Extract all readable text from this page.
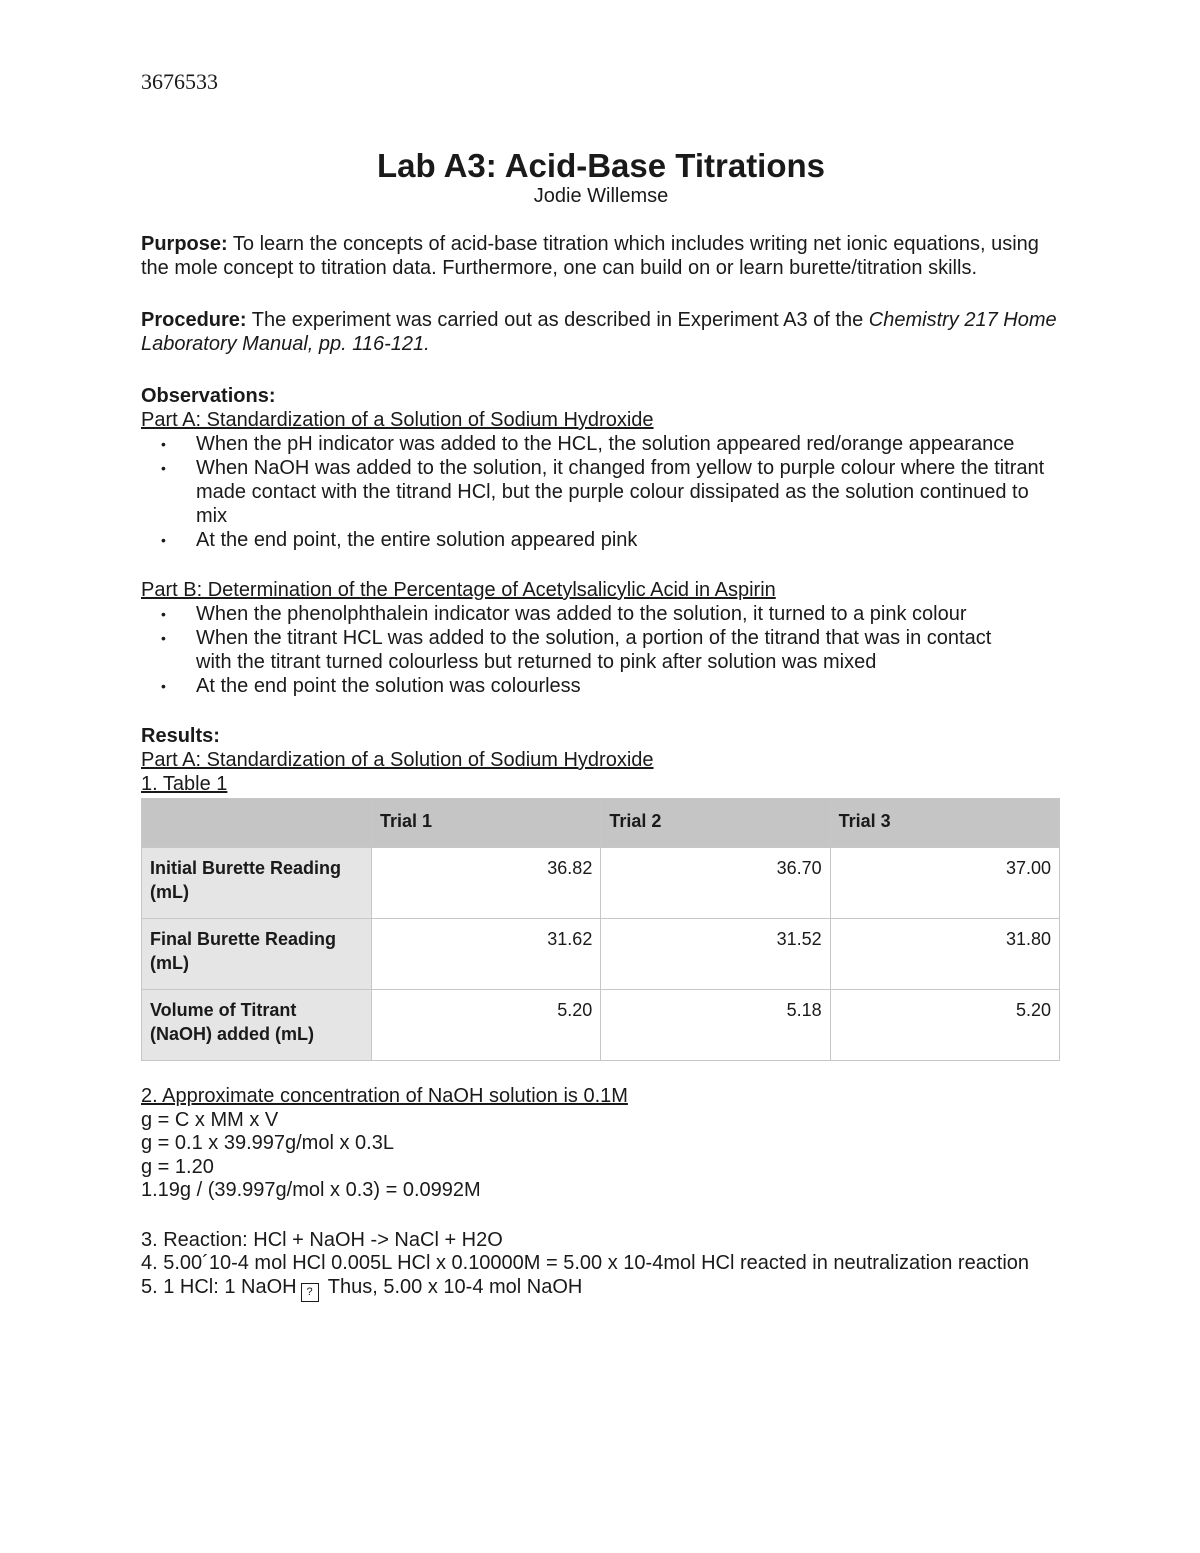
3676533
Lab A3: Acid-Base Titrations

Jodie Willemse

Purpose: To learn the concepts of acid-base titration which includes writing net ionic equations, using the mole concept to titration data. Furthermore, one can build on or learn burette/titration skills.

Procedure: The experiment was carried out as described in Experiment A3 of the Chemistry 217 Home Laboratory Manual, pp. 116-121.

Observations:

Part A: Standardization of a Solution of Sodium Hydroxide

• When the pH indicator was added to the HCL, the solution appeared red/orange appearance
• When NaOH was added to the solution, it changed from yellow to purple colour where the titrant made contact with the titrand HCl, but the purple colour dissipated as the solution continued to mix
• At the end point, the entire solution appeared pink

Part B: Determination of the Percentage of Acetylsalicylic Acid in Aspirin

• When the phenolphthalein indicator was added to the solution, it turned to a pink colour
• When the titrant HCL was added to the solution, a portion of the titrand that was in contact
with the titrant turned colourless but returned to pink after solution was mixed
• At the end point the solution was colourless

Results:

Part A: Standardization of a Solution of Sodium Hydroxide

1. Table 1

	Trial 1	Trial 2	Trial 3
Initial Burette Reading (mL)	36.82	36.70	37.00
Final Burette Reading (mL)	31.62	31.52	31.80
Volume of Titrant (NaOH) added (mL)	5.20	5.18	5.20

2. Approximate concentration of NaOH solution is 0.1M

g = C x MM x V

g = 0.1 x 39.997g/mol x 0.3L

g = 1.20

1.19g / (39.997g/mol x 0.3) = 0.0992M

3. Reaction: HCl + NaOH -> NaCl + H2O

4. 5.00´10-4 mol HCl 0.005L HCl x 0.10000M = 5.00 x 10-4mol HCl reacted in neutralization reaction

5. 1 HCl: 1 NaOH ? Thus, 5.00 x 10-4 mol NaOH
